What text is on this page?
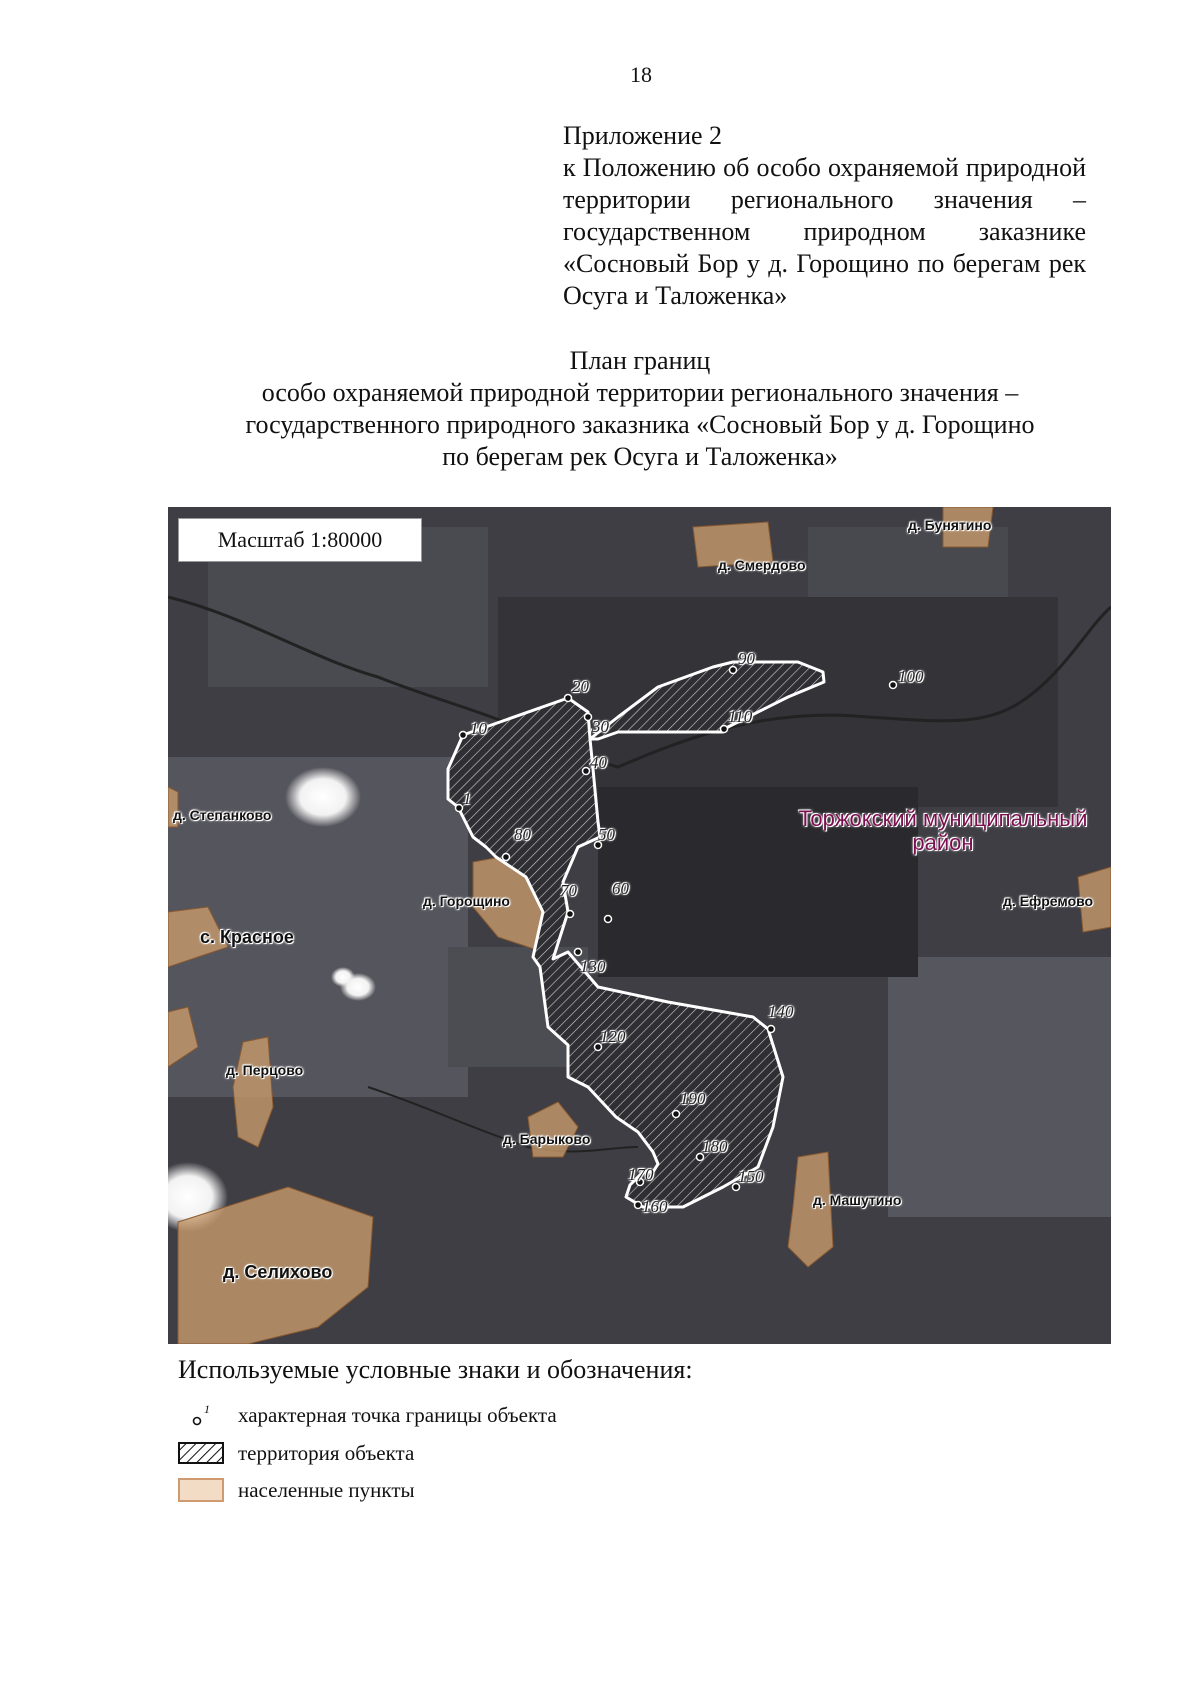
18
Приложение 2
к Положению об особо охраняемой природной территории регионального значения – государственном природном заказнике «Сосновый Бор у д. Горощино по берегам рек Осуга и Таложенка»
План границ
особо охраняемой природной территории регионального значения –
государственного природного заказника «Сосновый Бор у д. Горощино
по берегам рек Осуга и Таложенка»
Масштаб 1:80000
Торжокский муниципальный район
д. Бунятино
д. Смердово
д. Степанково
д. Горощино
с. Красное
д. Ефремово
д. Перцово
д. Барыково
д. Машутино
д. Селихово
1
10
20
30
40
50
60
70
80
90
100
110
120
130
140
150
160
170
180
190
Используемые условные знаки и обозначения:
1 характерная точка границы объекта
территория объекта
населенные пункты
